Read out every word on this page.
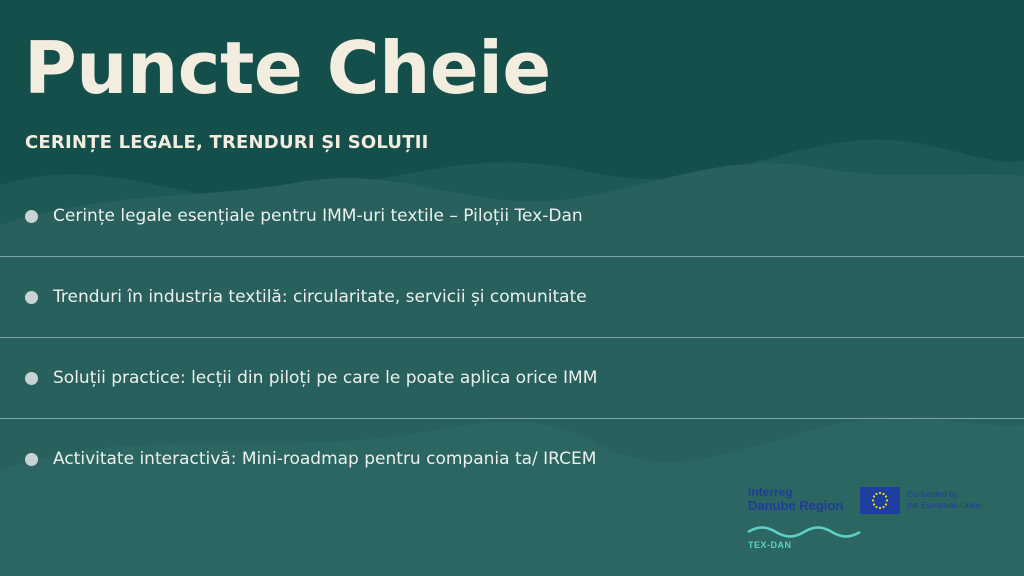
Puncte Cheie
CERINȚE LEGALE, TRENDURI ȘI SOLUȚII
Cerințe legale esențiale pentru IMM-uri textile – Piloții Tex-Dan
Trenduri în industria textilă: circularitate, servicii și comunitate
Soluții practice: lecții din piloți pe care le poate aplica orice IMM
Activitate interactivă: Mini-roadmap pentru compania ta/ IRCEM
Interreg
Danube Region
Co-funded by
the European Union
TEX-DAN
